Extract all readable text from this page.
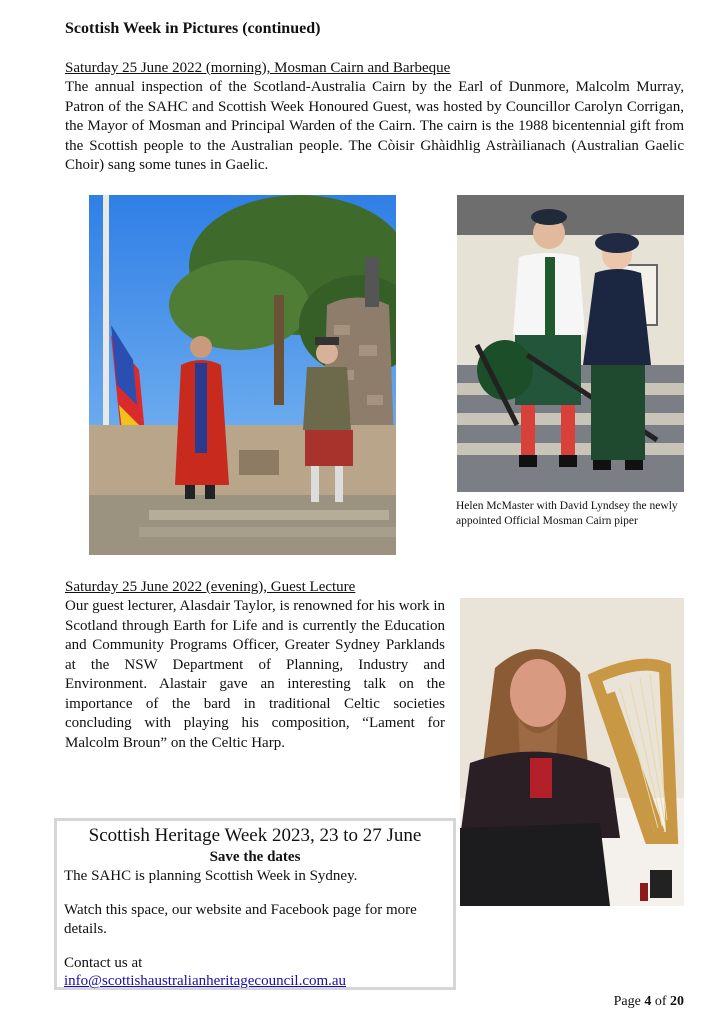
Scottish Week in Pictures (continued)
Saturday 25 June 2022 (morning), Mosman Cairn and Barbeque

The annual inspection of the Scotland-Australia Cairn by the Earl of Dunmore, Malcolm Murray, Patron of the SAHC and Scottish Week Honoured Guest, was hosted by Councillor Carolyn Corrigan, the Mayor of Mosman and Principal Warden of the Cairn. The cairn is the 1988 bicentennial gift from the Scottish people to the Australian people. The Còisir Ghàidhlig Astràilianach (Australian Gaelic Choir) sang some tunes in Gaelic.

Helen McMaster with David Lyndsey the newly appointed Official Mosman Cairn piper
Saturday 25 June 2022 (evening), Guest Lecture

Our guest lecturer, Alasdair Taylor, is renowned for his work in Scotland through Earth for Life and is currently the Education and Community Programs Officer, Greater Sydney Parklands at the NSW Department of Planning, Industry and Environment. Alastair gave an interesting talk on the importance of the bard in traditional Celtic societies concluding with playing his composition, “Lament for Malcolm Broun” on the Celtic Harp.

Scottish Heritage Week 2023, 23 to 27 June
Save the dates
The SAHC is planning Scottish Week in Sydney.
Watch this space, our website and Facebook page for more details.
Contact us at
info@scottishaustralianheritagecouncil.com.au
Page 4 of 20
